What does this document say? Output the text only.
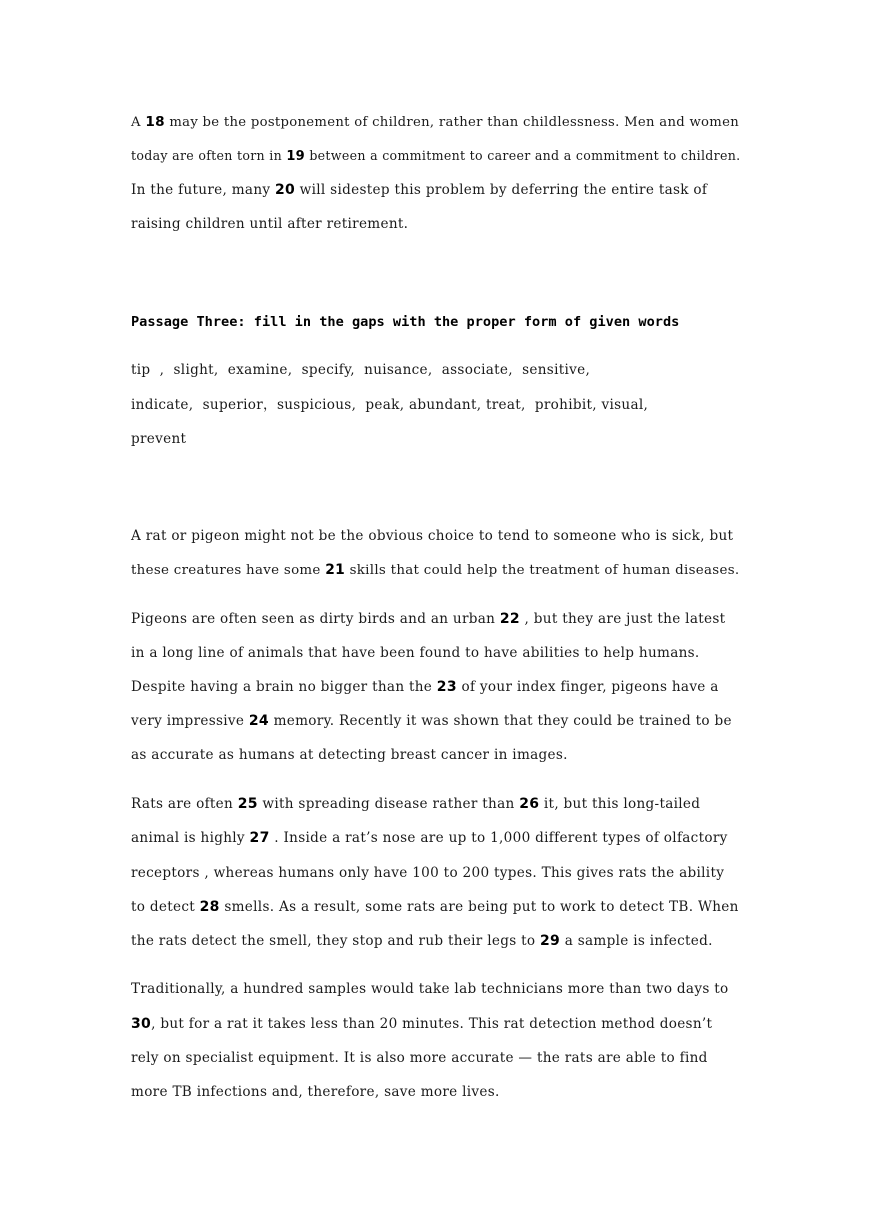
A 18 may be the postponement of children, rather than childlessness. Men and women
today are often torn in 19 between a commitment to career and a commitment to children.
In the future, many 20 will sidestep this problem by deferring the entire task of
raising children until after retirement.
Passage Three: fill in the gaps with the proper form of given words
tip  ,  slight,  examine,  specify,  nuisance,  associate,  sensitive,
indicate,  superior，suspicious,  peak, abundant, treat,  prohibit, visual,
prevent
A rat or pigeon might not be the obvious choice to tend to someone who is sick, but
these creatures have some 21 skills that could help the treatment of human diseases.
Pigeons are often seen as dirty birds and an urban 22 , but they are just the latest
in a long line of animals that have been found to have abilities to help humans.
Despite having a brain no bigger than the 23 of your index finger, pigeons have a
very impressive 24 memory. Recently it was shown that they could be trained to be
as accurate as humans at detecting breast cancer in images.
Rats are often 25 with spreading disease rather than 26 it, but this long-tailed
animal is highly 27 . Inside a rat’s nose are up to 1,000 different types of olfactory
receptors , whereas humans only have 100 to 200 types. This gives rats the ability
to detect 28 smells. As a result, some rats are being put to work to detect TB. When
the rats detect the smell, they stop and rub their legs to 29 a sample is infected.
Traditionally, a hundred samples would take lab technicians more than two days to
30, but for a rat it takes less than 20 minutes. This rat detection method doesn’t
rely on specialist equipment. It is also more accurate — the rats are able to find
more TB infections and, therefore, save more lives.
